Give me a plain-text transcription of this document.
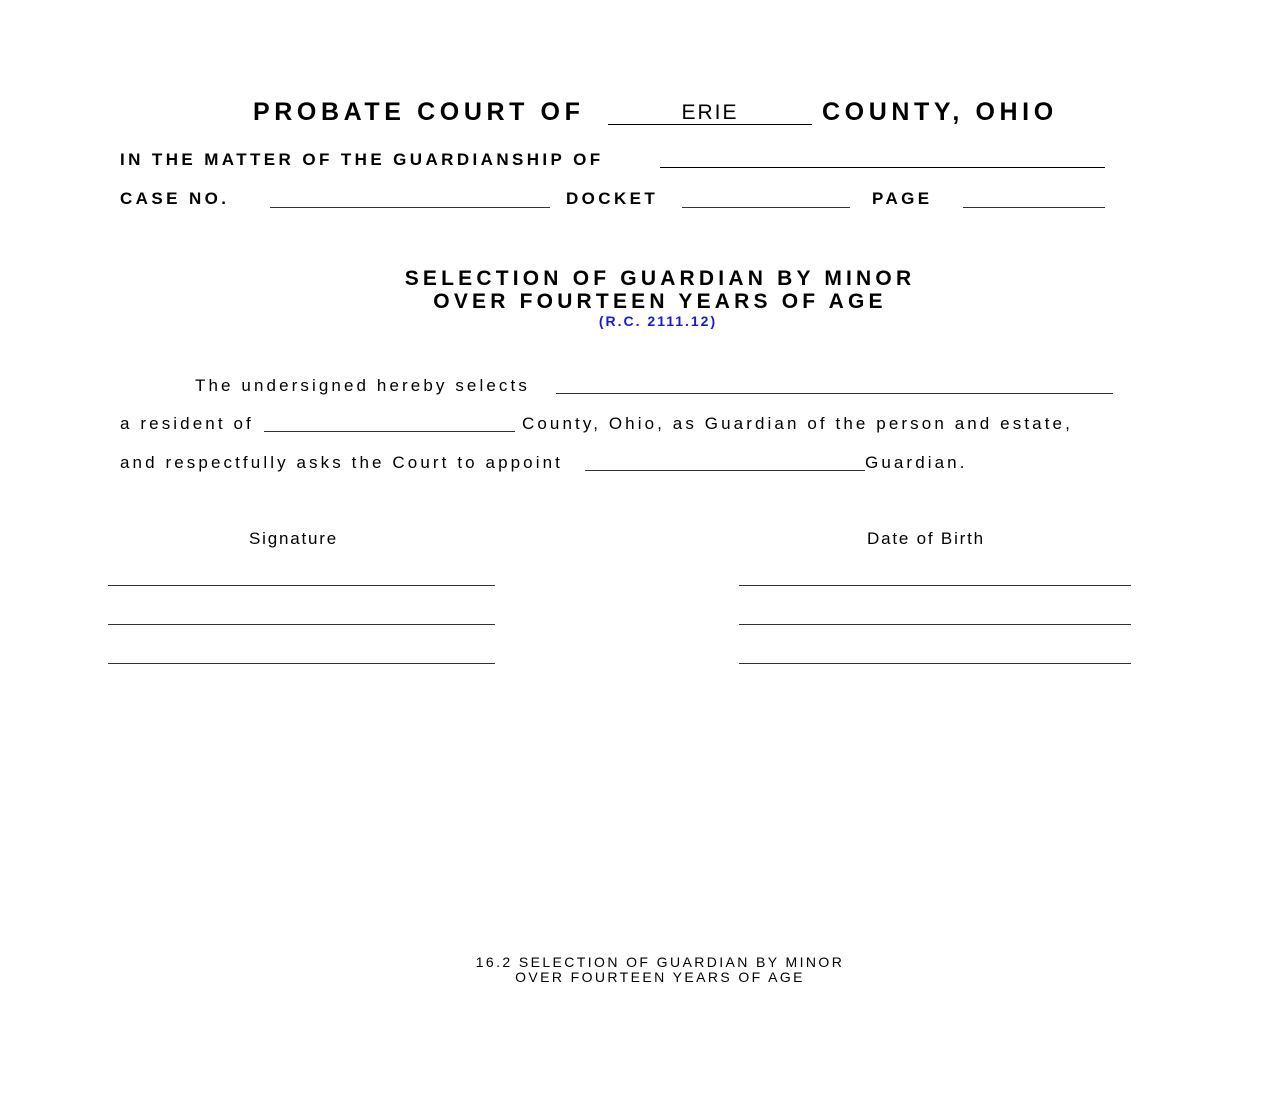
PROBATE COURT OF	ERIE	COUNTY, OHIO
IN THE MATTER OF THE GUARDIANSHIP OF
CASE NO.	DOCKET	PAGE
SELECTION OF GUARDIAN BY MINOR
OVER FOURTEEN YEARS OF AGE
(R.C. 2111.12)
The undersigned hereby selects
a resident of	County, Ohio, as Guardian of the person and estate,
and respectfully asks the Court to appoint	Guardian.
Signature	Date of Birth
16.2 SELECTION OF GUARDIAN BY MINOR
OVER FOURTEEN YEARS OF AGE
